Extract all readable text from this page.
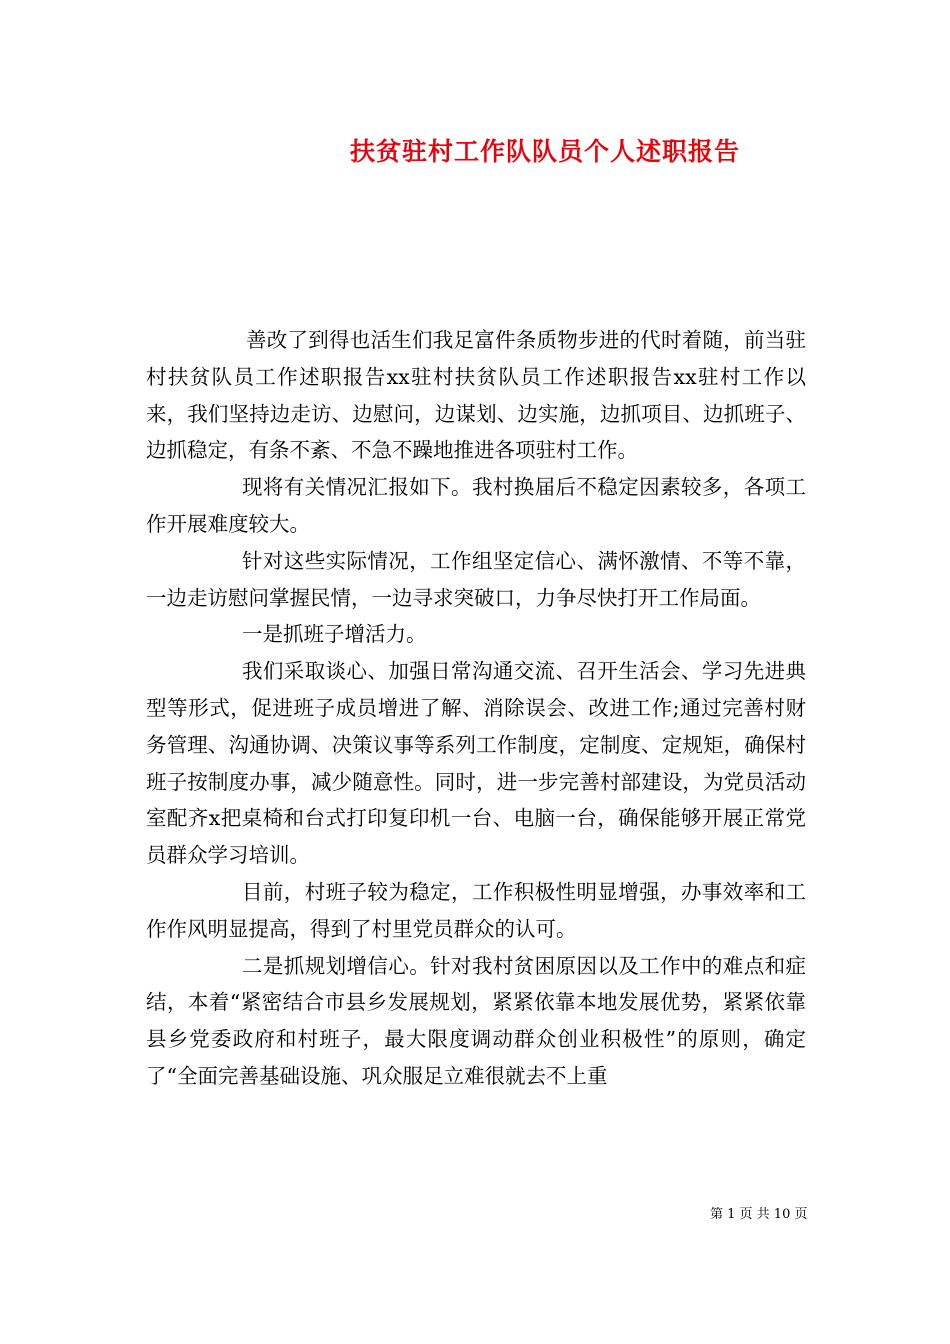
扶贫驻村工作队队员个人述职报告

善改了到得也活生们我足富件条质物步进的代时着随，前当驻村扶贫队员工作述职报告xx驻村扶贫队员工作述职报告xx驻村工作以来，我们坚持边走访、边慰问，边谋划、边实施，边抓项目、边抓班子、边抓稳定，有条不紊、不急不躁地推进各项驻村工作。

现将有关情况汇报如下。我村换届后不稳定因素较多，各项工作开展难度较大。

针对这些实际情况，工作组坚定信心、满怀激情、不等不靠，一边走访慰问掌握民情，一边寻求突破口，力争尽快打开工作局面。

一是抓班子增活力。

我们采取谈心、加强日常沟通交流、召开生活会、学习先进典型等形式，促进班子成员增进了解、消除误会、改进工作;通过完善村财务管理、沟通协调、决策议事等系列工作制度，定制度、定规矩，确保村班子按制度办事，减少随意性。同时，进一步完善村部建设，为党员活动室配齐x把桌椅和台式打印复印机一台、电脑一台，确保能够开展正常党员群众学习培训。

目前，村班子较为稳定，工作积极性明显增强，办事效率和工作作风明显提高，得到了村里党员群众的认可。

二是抓规划增信心。针对我村贫困原因以及工作中的难点和症结，本着“紧密结合市县乡发展规划，紧紧依靠本地发展优势，紧紧依靠县乡党委政府和村班子，最大限度调动群众创业积极性”的原则，确定了“全面完善基础设施、巩众服足立难很就去不上重

第 1 页 共 10 页
